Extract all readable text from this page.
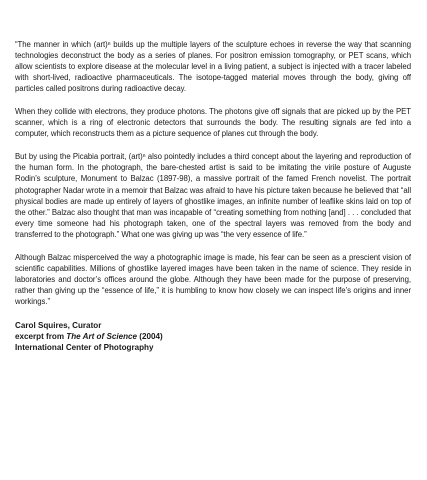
“The manner in which (art)ⁿ builds up the multiple layers of the sculpture echoes in reverse the way that scanning technologies deconstruct the body as a series of planes. For positron emission tomography, or PET scans, which allow scientists to explore disease at the molecular level in a living patient, a subject is injected with a tracer labeled with short-lived, radioactive pharmaceuticals. The isotope-tagged material moves through the body, giving off particles called positrons during radioactive decay.

When they collide with electrons, they produce photons. The photons give off signals that are picked up by the PET scanner, which is a ring of electronic detectors that surrounds the body. The resulting signals are fed into a computer, which reconstructs them as a picture sequence of planes cut through the body.

But by using the Picabia portrait, (art)ⁿ also pointedly includes a third concept about the layering and reproduction of the human form. In the photograph, the bare-chested artist is said to be imitating the virile posture of Auguste Rodin’s sculpture, Monument to Balzac (1897-98), a massive portrait of the famed French novelist. The portrait photographer Nadar wrote in a memoir that Balzac was afraid to have his picture taken because he believed that “all physical bodies are made up entirely of layers of ghostlike images, an infinite number of leaflike skins laid on top of the other.” Balzac also thought that man was incapable of “creating something from nothing [and] . . . concluded that every time someone had his photograph taken, one of the spectral layers was removed from the body and transferred to the photograph.” What one was giving up was “the very essence of life.”

Although Balzac misperceived the way a photographic image is made, his fear can be seen as a prescient vision of scientific capabilities. Millions of ghostlike layered images have been taken in the name of science. They reside in laboratories and doctor’s offices around the globe. Although they have been made for the purpose of preserving, rather than giving up the “essence of life,” it is humbling to know how closely we can inspect life’s origins and inner workings.”

Carol Squires, Curator

excerpt from The Art of Science (2004)

International Center of Photography
